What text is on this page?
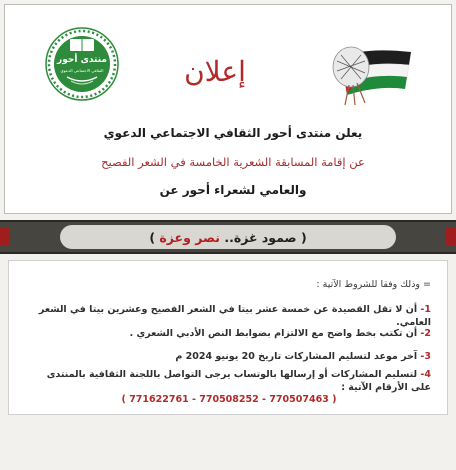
منتدى أحور
الثقافي الاجتماعي الدعوي	إعلان
يعلن منتدى أحور الثقافي الاجتماعي الدعوي
عن إقامة المسابقة الشعرية الخامسة في الشعر الفصيح
والعامي لشعراء أحور عن
( صمود غزة.. نصر وعزة )
= وذلك وفقا للشروط الآتية :
1- أن لا تقل القصيدة عن خمسة عشر بيتا في الشعر الفصيح وعشرين بيتا في الشعر العامي.
2- أن تكتب بخط واضح مع الالتزام بضوابط النص الأدبي الشعري .
3- آخر موعد لتسليم المشاركات تاريخ 20 يونيو 2024 م
4- لتسليم المشاركات أو إرسالها بالوتساب يرجى التواصل باللجنة الثقافية بالمنتدى على الأرقام الآتية :
( 771622761 - 770508252 - 770507463 )
